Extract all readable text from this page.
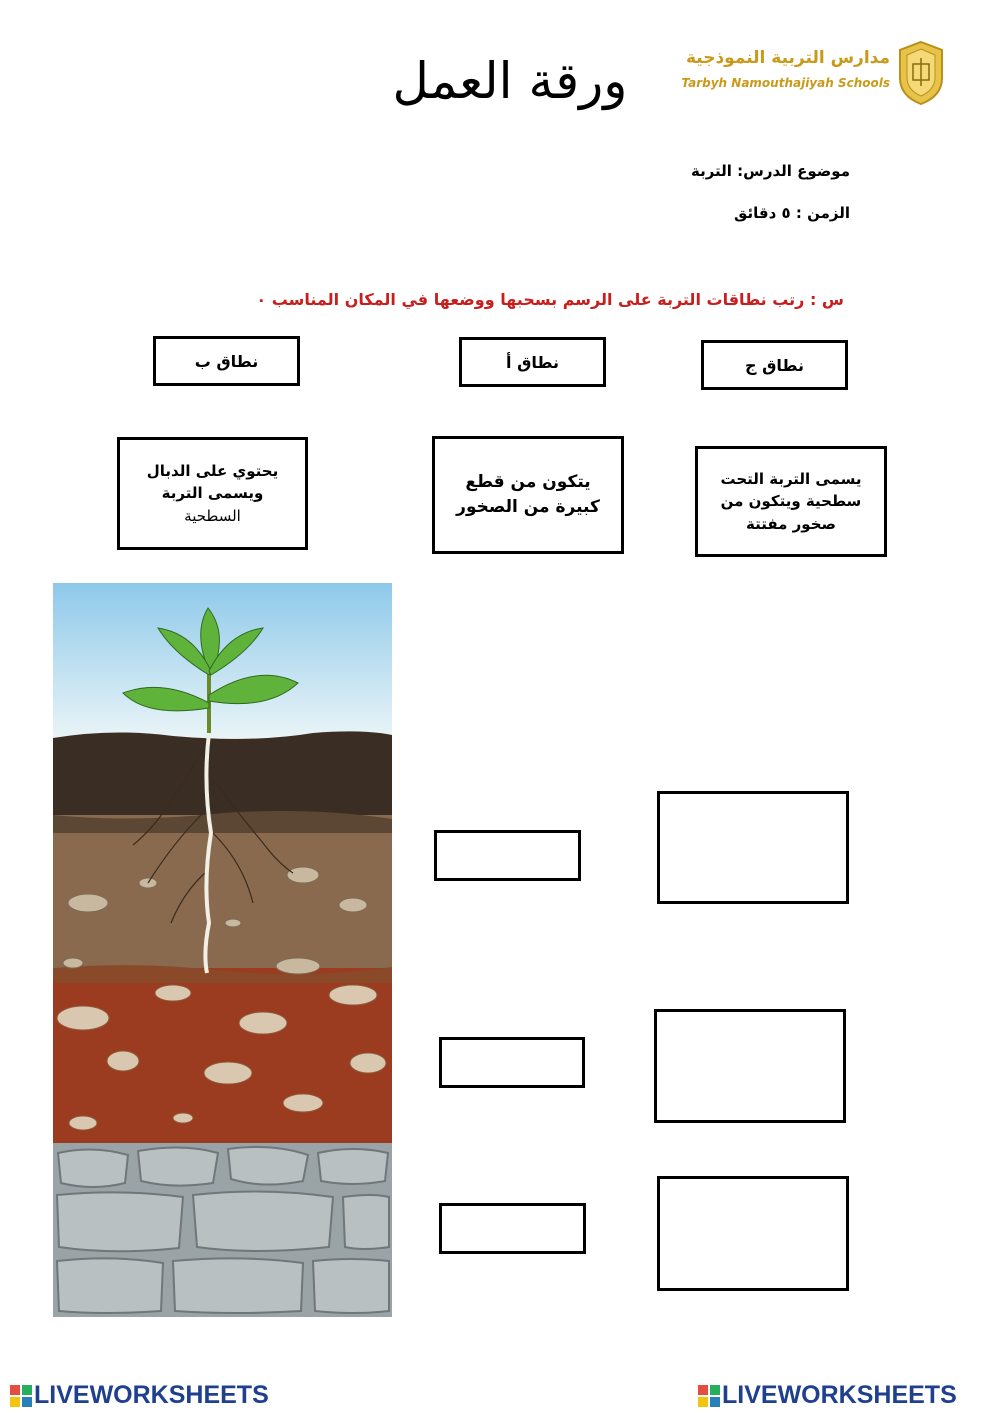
ورقة العمل	مدارس التربية النموذجية
Tarbyh Namouthajiyah Schools
موضوع الدرس: التربة
الزمن : ٥ دقائق
س : رتب نطاقات التربة على الرسم بسحبها ووضعها في المكان المناسب ٠
نطاق ب	نطاق أ	نطاق ج
يحتوي على الدبال
ويسمى التربة
السطحية
يتكون من قطع
كبيرة من الصخور
يسمى التربة التحت
سطحية ويتكون من
صخور مفتتة
LIVEWORKSHEETS	LIVEWORKSHEETS
